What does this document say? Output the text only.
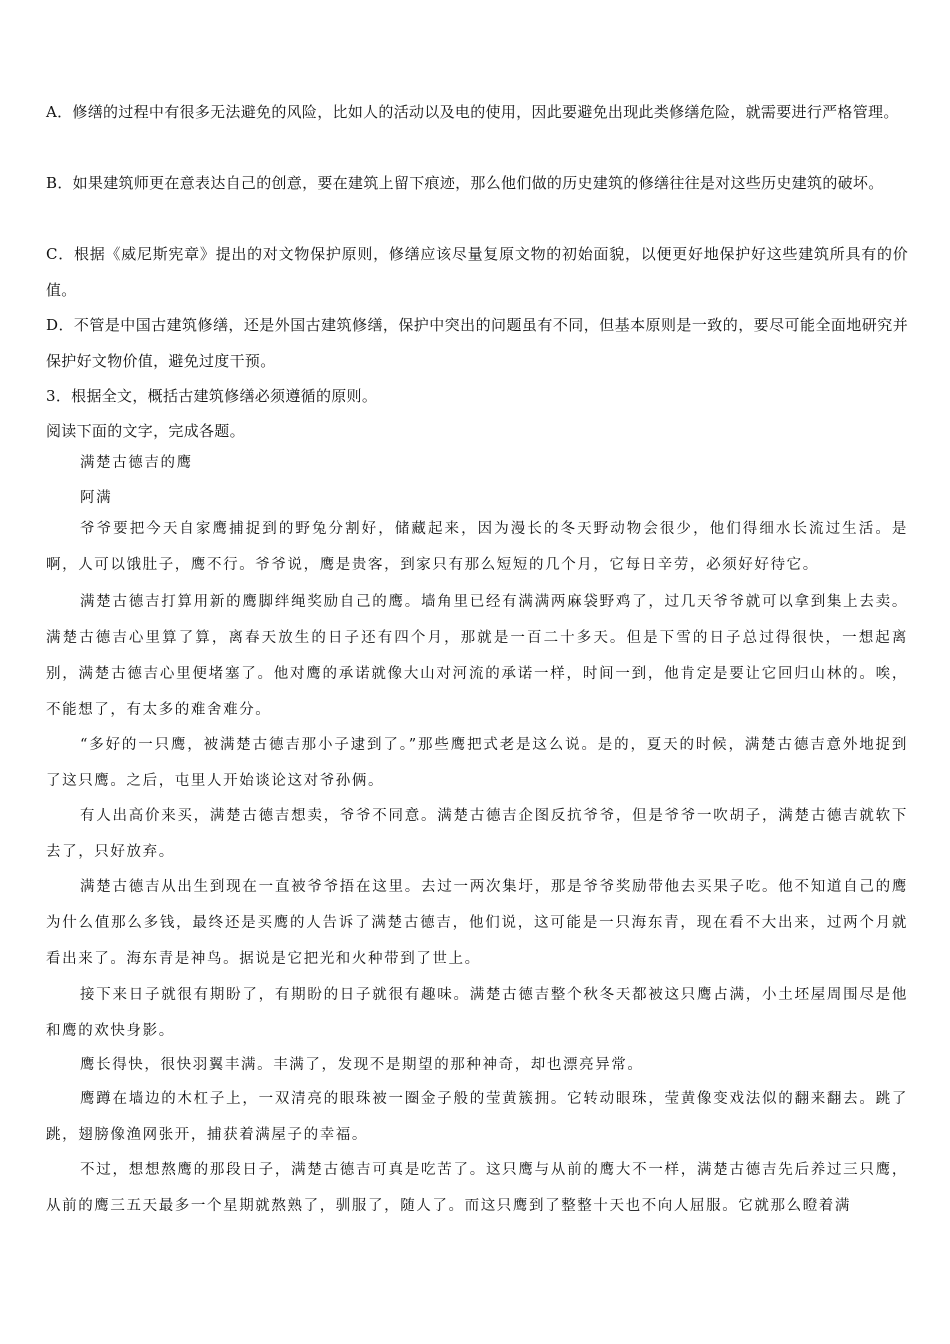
A．修缮的过程中有很多无法避免的风险，比如人的活动以及电的使用，因此要避免出现此类修缮危险，就需要进行严格管理。

B．如果建筑师更在意表达自己的创意，要在建筑上留下痕迹，那么他们做的历史建筑的修缮往往是对这些历史建筑的破坏。

C．根据《威尼斯宪章》提出的对文物保护原则，修缮应该尽量复原文物的初始面貌，以便更好地保护好这些建筑所具有的价值。

D．不管是中国古建筑修缮，还是外国古建筑修缮，保护中突出的问题虽有不同，但基本原则是一致的，要尽可能全面地研究并保护好文物价值，避免过度干预。

3．根据全文，概括古建筑修缮必须遵循的原则。

阅读下面的文字，完成各题。

满楚古德吉的鹰

阿满

爷爷要把今天自家鹰捕捉到的野兔分割好，储藏起来，因为漫长的冬天野动物会很少，他们得细水长流过生活。是啊，人可以饿肚子，鹰不行。爷爷说，鹰是贵客，到家只有那么短短的几个月，它每日辛劳，必须好好待它。

满楚古德吉打算用新的鹰脚绊绳奖励自己的鹰。墙角里已经有满满两麻袋野鸡了，过几天爷爷就可以拿到集上去卖。满楚古德吉心里算了算，离春天放生的日子还有四个月，那就是一百二十多天。但是下雪的日子总过得很快，一想起离别，满楚古德吉心里便堵塞了。他对鹰的承诺就像大山对河流的承诺一样，时间一到，他肯定是要让它回归山林的。唉，不能想了，有太多的难舍难分。

“多好的一只鹰，被满楚古德吉那小子逮到了。”那些鹰把式老是这么说。是的，夏天的时候，满楚古德吉意外地捉到了这只鹰。之后，屯里人开始谈论这对爷孙俩。

有人出高价来买，满楚古德吉想卖，爷爷不同意。满楚古德吉企图反抗爷爷，但是爷爷一吹胡子，满楚古德吉就软下去了，只好放弃。

满楚古德吉从出生到现在一直被爷爷捂在这里。去过一两次集圩，那是爷爷奖励带他去买果子吃。他不知道自己的鹰为什么值那么多钱，最终还是买鹰的人告诉了满楚古德吉，他们说，这可能是一只海东青，现在看不大出来，过两个月就看出来了。海东青是神鸟。据说是它把光和火种带到了世上。

接下来日子就很有期盼了，有期盼的日子就很有趣味。满楚古德吉整个秋冬天都被这只鹰占满，小土坯屋周围尽是他和鹰的欢快身影。

鹰长得快，很快羽翼丰满。丰满了，发现不是期望的那种神奇，却也漂亮异常。

鹰蹲在墙边的木杠子上，一双清亮的眼珠被一圈金子般的莹黄簇拥。它转动眼珠，莹黄像变戏法似的翻来翻去。跳了跳，翅膀像渔网张开，捕获着满屋子的幸福。

不过，想想熬鹰的那段日子，满楚古德吉可真是吃苦了。这只鹰与从前的鹰大不一样，满楚古德吉先后养过三只鹰，从前的鹰三五天最多一个星期就熬熟了，驯服了，随人了。而这只鹰到了整整十天也不向人屈服。它就那么瞪着满
